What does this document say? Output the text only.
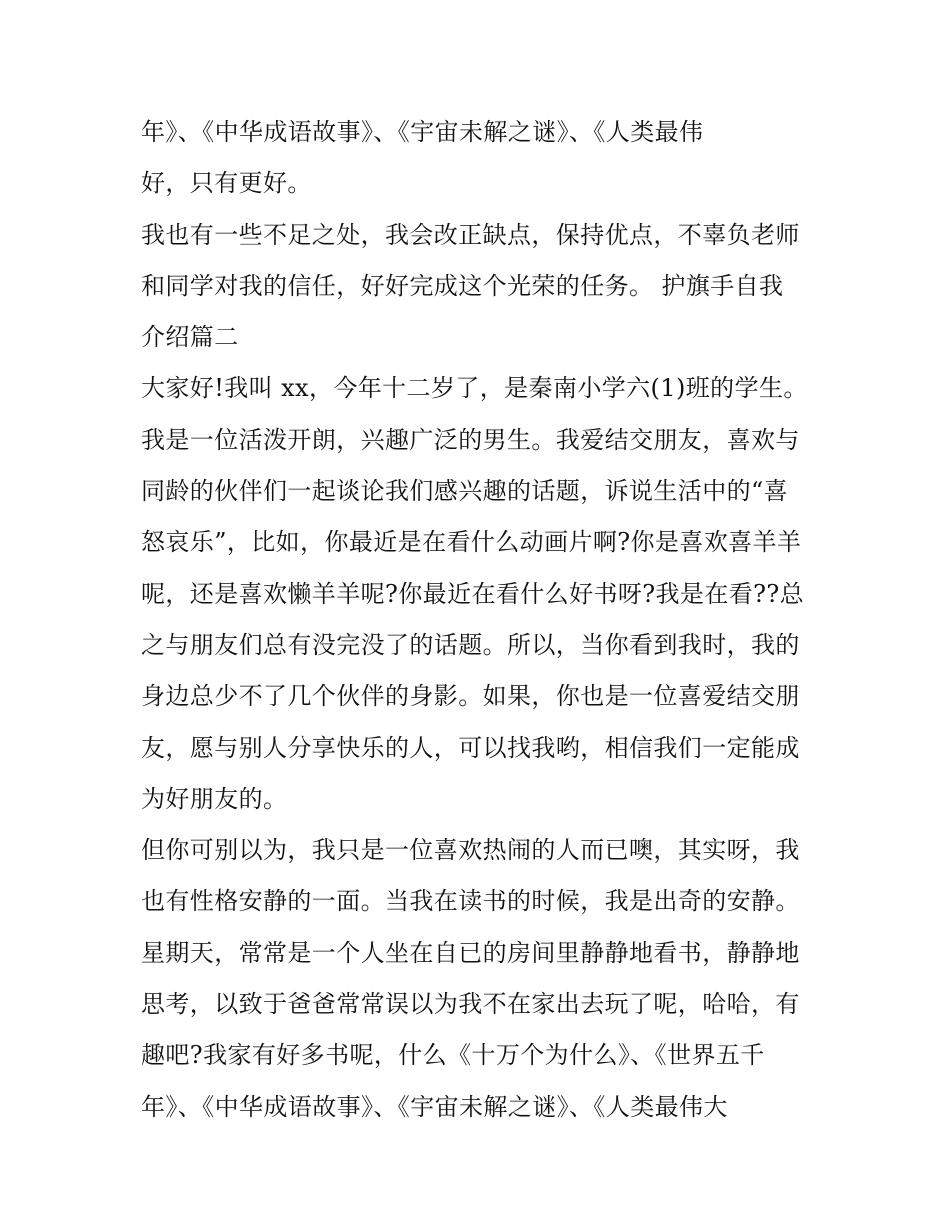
年》、《中华成语故事》、《宇宙未解之谜》、《人类最伟
好，只有更好。
我也有一些不足之处，我会改正缺点，保持优点，不辜负老师
和同学对我的信任，好好完成这个光荣的任务。 护旗手自我
介绍篇二
大家好!我叫 xx，今年十二岁了，是秦南小学六(1)班的学生。
我是一位活泼开朗，兴趣广泛的男生。我爱结交朋友，喜欢与
同龄的伙伴们一起谈论我们感兴趣的话题，诉说生活中的“喜
怒哀乐”，比如，你最近是在看什么动画片啊?你是喜欢喜羊羊
呢，还是喜欢懒羊羊呢?你最近在看什么好书呀?我是在看??总
之与朋友们总有没完没了的话题。所以，当你看到我时，我的
身边总少不了几个伙伴的身影。如果，你也是一位喜爱结交朋
友，愿与别人分享快乐的人，可以找我哟，相信我们一定能成
为好朋友的。
但你可别以为，我只是一位喜欢热闹的人而已噢，其实呀，我
也有性格安静的一面。当我在读书的时候，我是出奇的安静。
星期天，常常是一个人坐在自已的房间里静静地看书，静静地
思考，以致于爸爸常常误以为我不在家出去玩了呢，哈哈，有
趣吧?我家有好多书呢，什么《十万个为什么》、《世界五千
年》、《中华成语故事》、《宇宙未解之谜》、《人类最伟大
